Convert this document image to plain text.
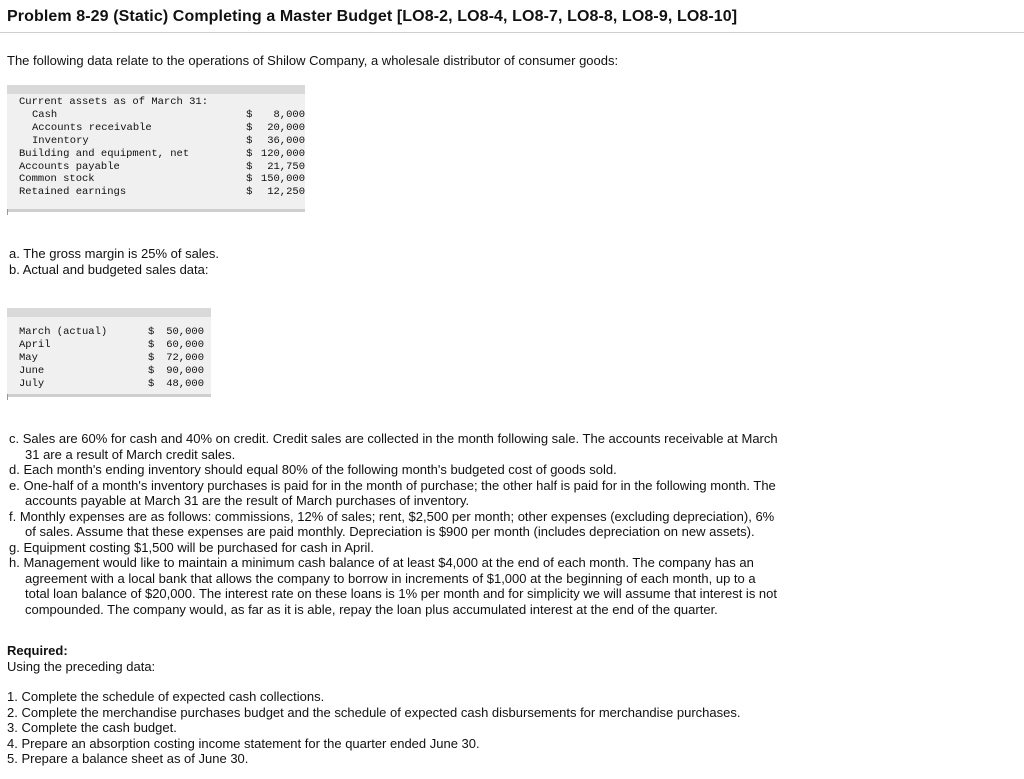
Problem 8-29 (Static) Completing a Master Budget [LO8-2, LO8-4, LO8-7, LO8-8, LO8-9, LO8-10]
The following data relate to the operations of Shilow Company, a wholesale distributor of consumer goods:
Current assets as of March 31:		
Cash	$	8,000
Accounts receivable	$	20,000
Inventory	$	36,000
Building and equipment, net	$	120,000
Accounts payable	$	21,750
Common stock	$	150,000
Retained earnings	$	12,250
a. The gross margin is 25% of sales.
b. Actual and budgeted sales data:
March (actual)	$	50,000
April	$	60,000
May	$	72,000
June	$	90,000
July	$	48,000
c. Sales are 60% for cash and 40% on credit. Credit sales are collected in the month following sale. The accounts receivable at March
31 are a result of March credit sales.
d. Each month's ending inventory should equal 80% of the following month's budgeted cost of goods sold.
e. One-half of a month's inventory purchases is paid for in the month of purchase; the other half is paid for in the following month. The
accounts payable at March 31 are the result of March purchases of inventory.
f. Monthly expenses are as follows: commissions, 12% of sales; rent, $2,500 per month; other expenses (excluding depreciation), 6%
of sales. Assume that these expenses are paid monthly. Depreciation is $900 per month (includes depreciation on new assets).
g. Equipment costing $1,500 will be purchased for cash in April.
h. Management would like to maintain a minimum cash balance of at least $4,000 at the end of each month. The company has an
agreement with a local bank that allows the company to borrow in increments of $1,000 at the beginning of each month, up to a
total loan balance of $20,000. The interest rate on these loans is 1% per month and for simplicity we will assume that interest is not
compounded. The company would, as far as it is able, repay the loan plus accumulated interest at the end of the quarter.
Required:
Using the preceding data:
1. Complete the schedule of expected cash collections.
2. Complete the merchandise purchases budget and the schedule of expected cash disbursements for merchandise purchases.
3. Complete the cash budget.
4. Prepare an absorption costing income statement for the quarter ended June 30.
5. Prepare a balance sheet as of June 30.
